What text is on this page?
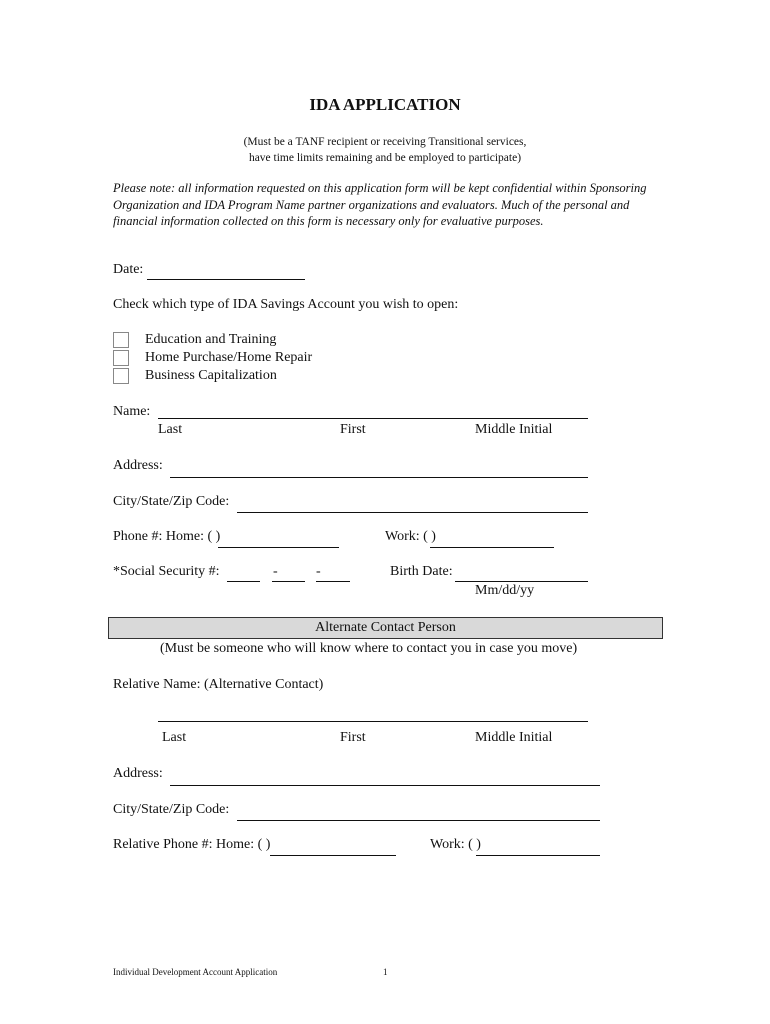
IDA APPLICATION
(Must be a TANF recipient or receiving Transitional services,
have time limits remaining and be employed to participate)
Please note: all information requested on this application form will be kept confidential within Sponsoring Organization and IDA Program Name partner organizations and evaluators. Much of the personal and financial information collected on this form is necessary only for evaluative purposes.
Date:
Check which type of IDA Savings Account you wish to open:
Education and Training
Home Purchase/Home Repair
Business Capitalization
Name:
Last	First	Middle Initial
Address:
City/State/Zip Code:
Phone #: Home: ( )	Work: ( )
*Social Security #:	-	-	Birth Date:
Mm/dd/yy
Alternate Contact Person
(Must be someone who will know where to contact you in case you move)
Relative Name: (Alternative Contact)
Last	First	Middle Initial
Address:
City/State/Zip Code:
Relative Phone #: Home: ( )	Work: ( )
Individual Development Account Application	1
